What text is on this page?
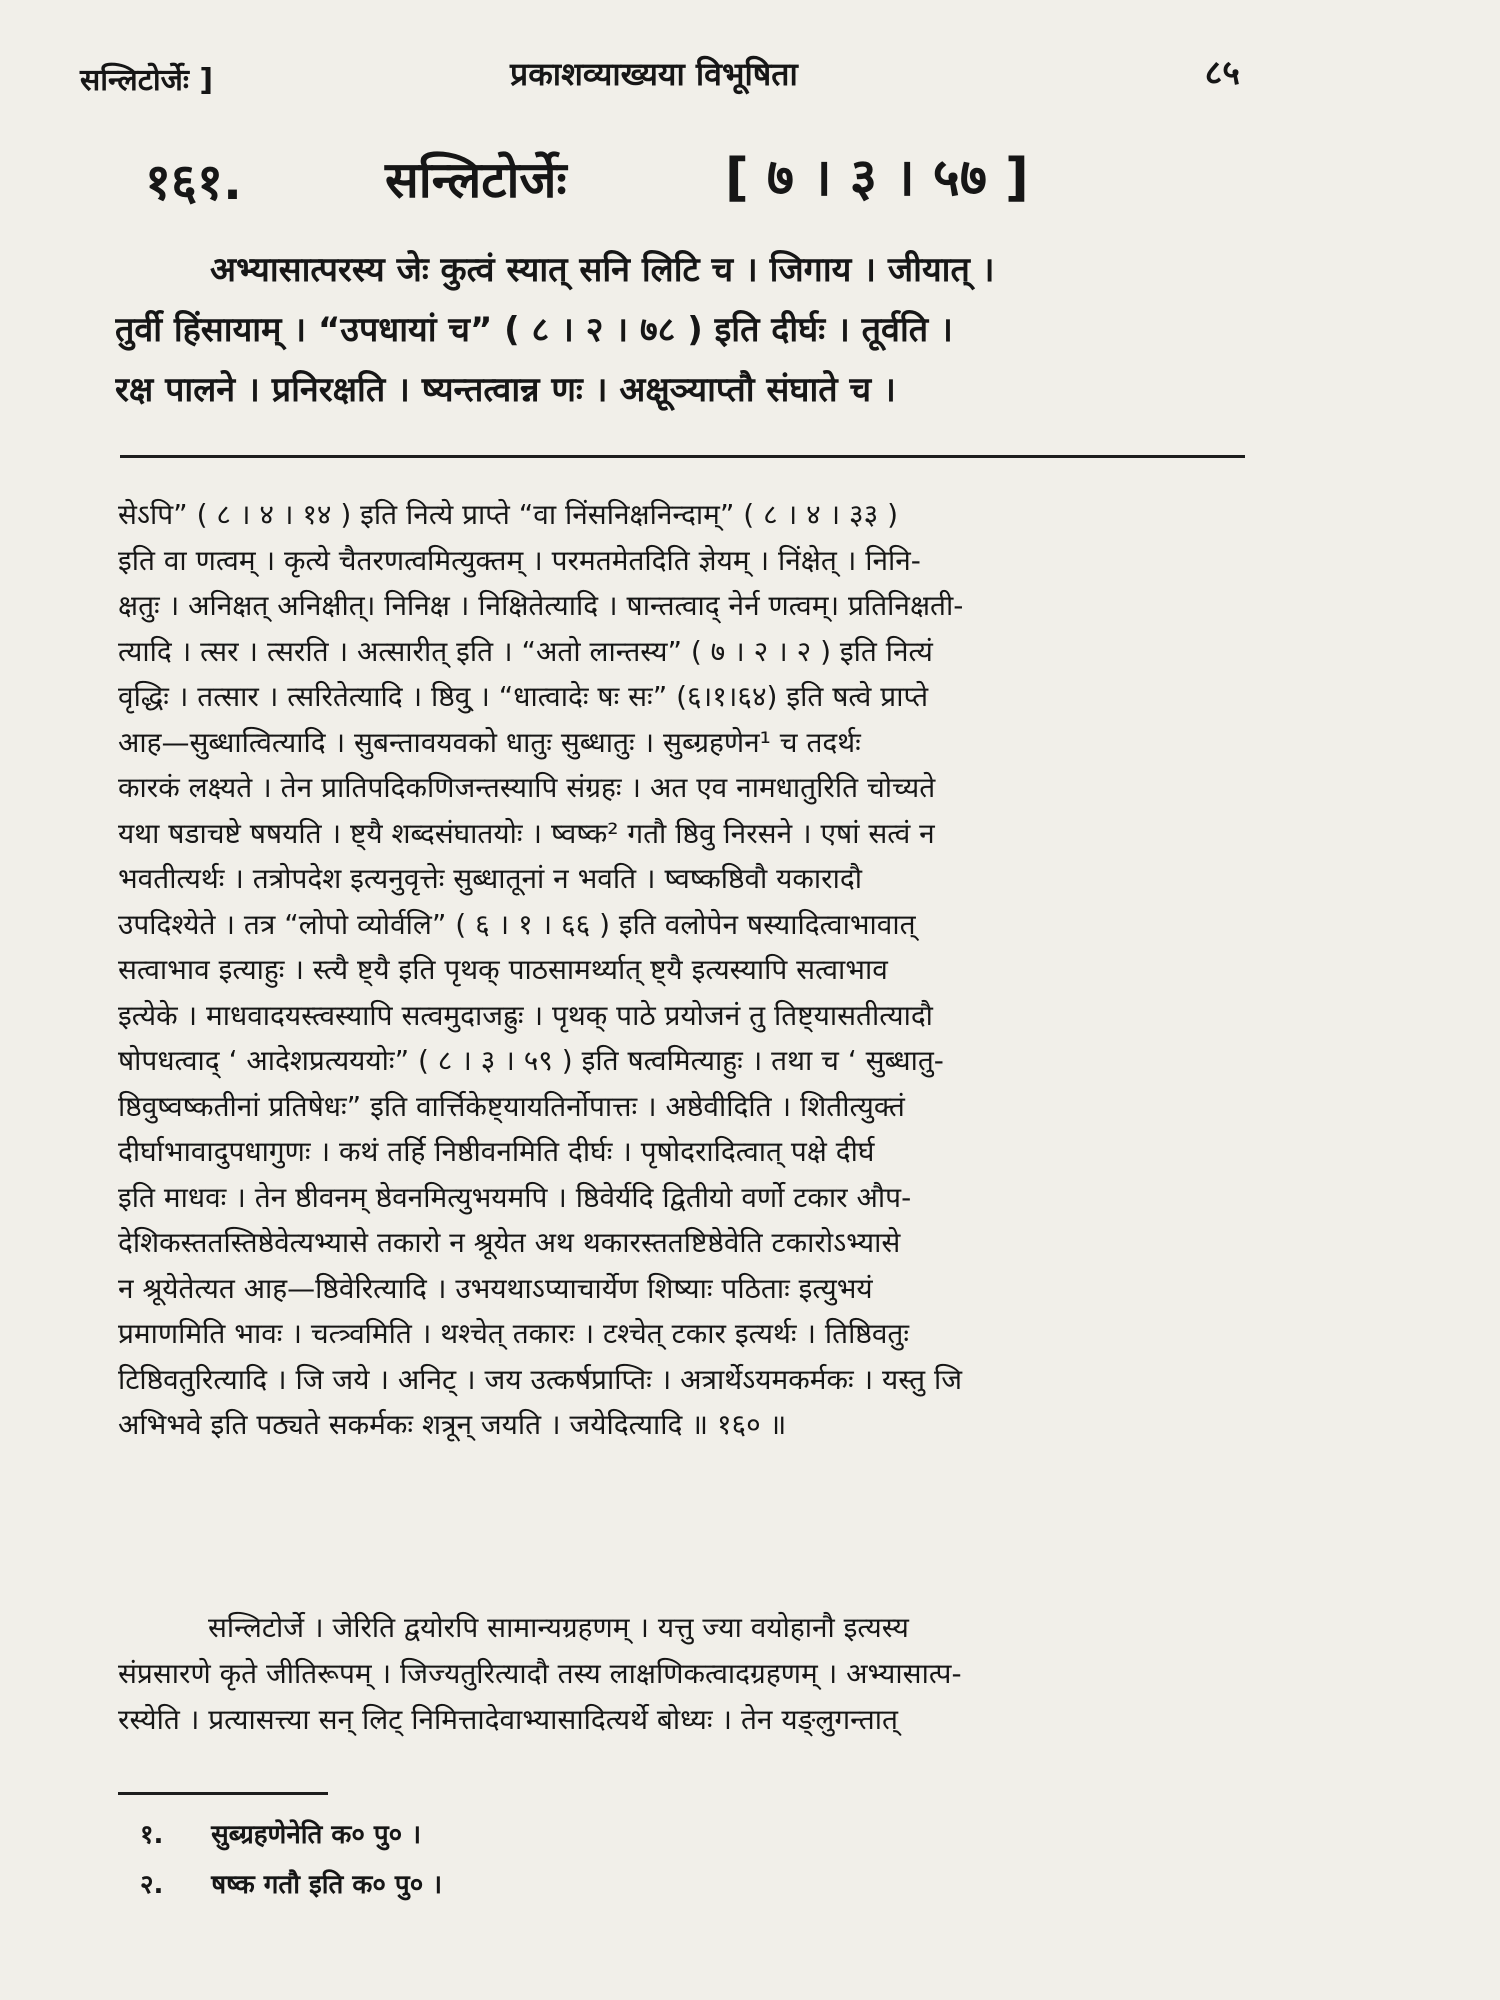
सन्लिटोर्जेः ]	प्रकाशव्याख्यया विभूषिता	८५
१६१.	सन्लिटोर्जेः	[ ७ । ३ । ५७ ]
अभ्यासात्परस्य जेः कुत्वं स्यात् सनि लिटि च । जिगाय । जीयात् ।
तुर्वी हिंसायाम् । “उपधायां च” ( ८ । २ । ७८ ) इति दीर्घः । तूर्वति ।
रक्ष पालने । प्रनिरक्षति । ष्यन्तत्वान्न णः । अक्षूञ्याप्तौ संघाते च ।
सेऽपि” ( ८ । ४ । १४ ) इति नित्ये प्राप्ते “वा निंसनिक्षनिन्दाम्” ( ८ । ४ । ३३ )
इति वा णत्वम् । कृत्ये चैतरणत्वमित्युक्तम् । परमतमेतदिति ज्ञेयम् । निंक्षेत् । निनि-
क्षतुः । अनिक्षत् अनिक्षीत्। निनिक्ष । निक्षितेत्यादि । षान्तत्वाद् नेर्न णत्वम्। प्रतिनिक्षती-
त्यादि । त्सर । त्सरति । अत्सारीत् इति । “अतो लान्तस्य” ( ७ । २ । २ ) इति नित्यं
वृद्धिः । तत्सार । त्सरितेत्यादि । ष्ठिवु् । “धात्वादेः षः सः” (६।१।६४) इति षत्वे प्राप्ते
आह—सुब्धात्वित्यादि । सुबन्तावयवको धातुः सुब्धातुः । सुब्ग्रहणेन¹ च तदर्थः
कारकं लक्ष्यते । तेन प्रातिपदिकणिजन्तस्यापि संग्रहः । अत एव नामधातुरिति चोच्यते
यथा षडाचष्टे षषयति । ष्ट्यै शब्दसंघातयोः । ष्वष्क² गतौ ष्ठिवु निरसने । एषां सत्वं न
भवतीत्यर्थः । तत्रोपदेश इत्यनुवृत्तेः सुब्धातूनां न भवति । ष्वष्कष्ठिवौ यकारादौ
उपदिश्येते । तत्र “लोपो व्योर्वलि” ( ६ । १ । ६६ ) इति वलोपेन षस्यादित्वाभावात्
सत्वाभाव इत्याहुः । स्त्यै ष्ट्यै इति पृथक् पाठसामर्थ्यात् ष्ट्यै इत्यस्यापि सत्वाभाव
इत्येके । माधवादयस्त्वस्यापि सत्वमुदाजह्रुः । पृथक् पाठे प्रयोजनं तु तिष्ट्यासतीत्यादौ
षोपधत्वाद् ‘ आदेशप्रत्यययोः” ( ८ । ३ । ५९ ) इति षत्वमित्याहुः । तथा च ‘ सुब्धातु-
ष्ठिवुष्वष्कतीनां प्रतिषेधः” इति वार्त्तिकेष्ट्यायतिर्नोपात्तः । अष्ठेवीदिति । शितीत्युक्तं
दीर्घाभावादुपधागुणः । कथं तर्हि निष्ठीवनमिति दीर्घः । पृषोदरादित्वात् पक्षे दीर्घ
इति माधवः । तेन ष्ठीवनम् ष्ठेवनमित्युभयमपि । ष्ठिवेर्यदि द्वितीयो वर्णो टकार औप-
देशिकस्ततस्तिष्ठेवेत्यभ्यासे तकारो न श्रूयेत अथ थकारस्ततष्टिष्ठेवेति टकारोऽभ्यासे
न श्रूयेतेत्यत आह—ष्ठिवेरित्यादि । उभयथाऽप्याचार्येण शिष्याः पठिताः इत्युभयं
प्रमाणमिति भावः । चत्त्र्वमिति । थश्चेत् तकारः । टश्चेत् टकार इत्यर्थः । तिष्ठिवतुः
टिष्ठिवतुरित्यादि । जि जये । अनिट् । जय उत्कर्षप्राप्तिः । अत्रार्थेऽयमकर्मकः । यस्तु जि
अभिभवे इति पठ्यते सकर्मकः शत्रून् जयति । जयेदित्यादि ॥ १६० ॥
सन्लिटोर्जे । जेरिति द्वयोरपि सामान्यग्रहणम् । यत्तु ज्या वयोहानौ इत्यस्य
संप्रसारणे कृते जीतिरूपम् । जिज्यतुरित्यादौ तस्य लाक्षणिकत्वादग्रहणम् । अभ्यासात्प-
रस्येति । प्रत्यासत्त्या सन् लिट् निमित्तादेवाभ्यासादित्यर्थे बोध्यः । तेन यङ्लुगन्तात्
१. सुब्ग्रहणेनेति क० पु० ।
२. षष्क गतौ इति क० पु० ।
